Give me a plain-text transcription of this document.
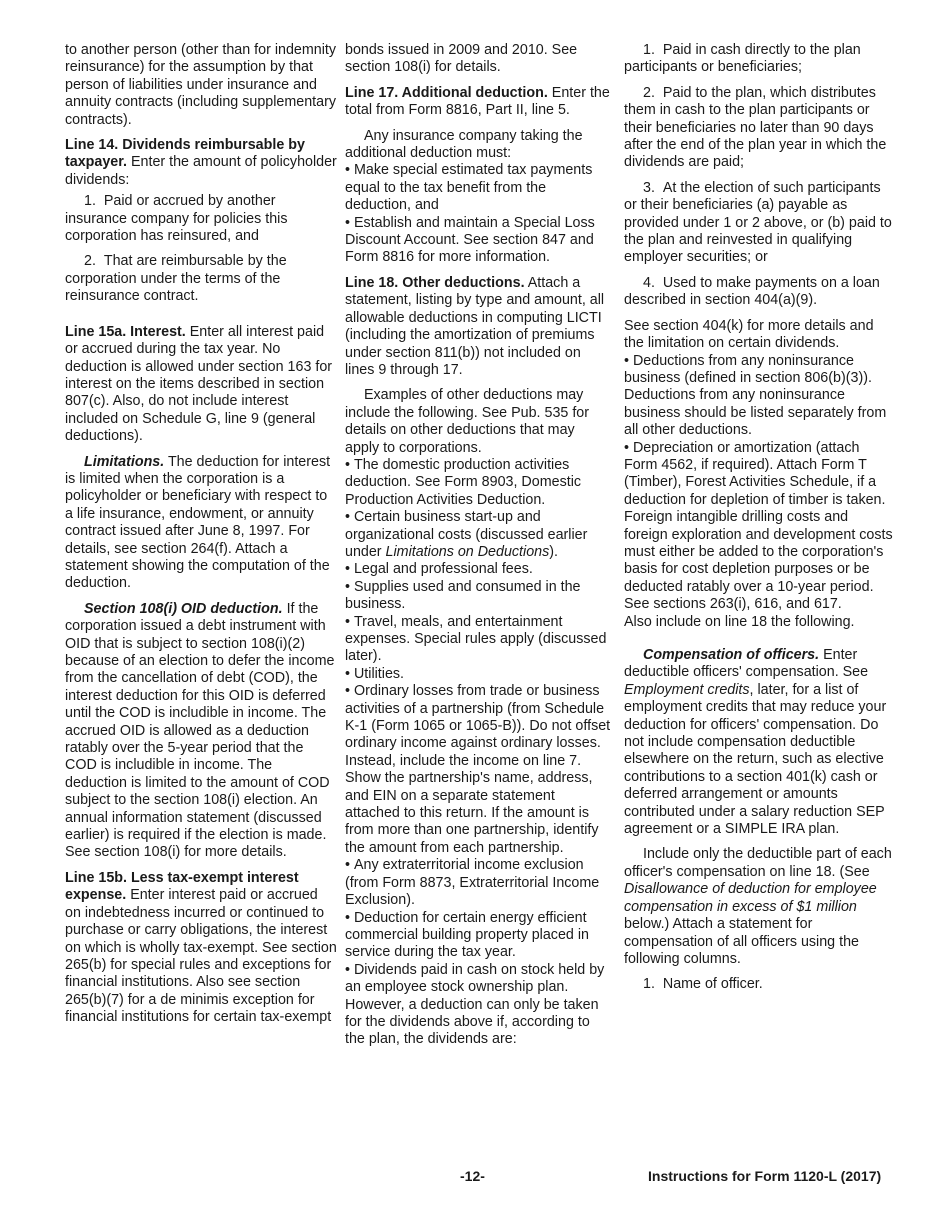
to another person (other than for indemnity reinsurance) for the assumption by that person of liabilities under insurance and annuity contracts (including supplementary contracts).

Line 14. Dividends reimbursable by taxpayer. Enter the amount of policyholder dividends:

1.  Paid or accrued by another insurance company for policies this corporation has reinsured, and

2.  That are reimbursable by the corporation under the terms of the reinsurance contract.

Line 15a. Interest. Enter all interest paid or accrued during the tax year. No deduction is allowed under section 163 for interest on the items described in section 807(c). Also, do not include interest included on Schedule G, line 9 (general deductions).

Limitations. The deduction for interest is limited when the corporation is a policyholder or beneficiary with respect to a life insurance, endowment, or annuity contract issued after June 8, 1997. For details, see section 264(f). Attach a statement showing the computation of the deduction.

Section 108(i) OID deduction. If the corporation issued a debt instrument with OID that is subject to section 108(i)(2) because of an election to defer the income from the cancellation of debt (COD), the interest deduction for this OID is deferred until the COD is includible in income. The accrued OID is allowed as a deduction ratably over the 5-year period that the COD is includible in income. The deduction is limited to the amount of COD subject to the section 108(i) election. An annual information statement (discussed earlier) is required if the election is made. See section 108(i) for more details.

Line 15b. Less tax-exempt interest expense. Enter interest paid or accrued on indebtedness incurred or continued to purchase or carry obligations, the interest on which is wholly tax-exempt. See section 265(b) for special rules and exceptions for financial institutions. Also see section 265(b)(7) for a de minimis exception for financial institutions for certain tax-exempt

bonds issued in 2009 and 2010. See section 108(i) for details.

Line 17. Additional deduction. Enter the total from Form 8816, Part II, line 5.

Any insurance company taking the additional deduction must:

• Make special estimated tax payments equal to the tax benefit from the deduction, and

• Establish and maintain a Special Loss Discount Account. See section 847 and Form 8816 for more information.

Line 18. Other deductions. Attach a statement, listing by type and amount, all allowable deductions in computing LICTI (including the amortization of premiums under section 811(b)) not included on lines 9 through 17.

Examples of other deductions may include the following. See Pub. 535 for details on other deductions that may apply to corporations.

• The domestic production activities deduction. See Form 8903, Domestic Production Activities Deduction.

• Certain business start-up and organizational costs (discussed earlier under Limitations on Deductions).

• Legal and professional fees.

• Supplies used and consumed in the business.

• Travel, meals, and entertainment expenses. Special rules apply (discussed later).

• Utilities.

• Ordinary losses from trade or business activities of a partnership (from Schedule K-1 (Form 1065 or 1065-B)). Do not offset ordinary income against ordinary losses. Instead, include the income on line 7. Show the partnership's name, address, and EIN on a separate statement attached to this return. If the amount is from more than one partnership, identify the amount from each partnership.

• Any extraterritorial income exclusion (from Form 8873, Extraterritorial Income Exclusion).

• Deduction for certain energy efficient commercial building property placed in service during the tax year.

• Dividends paid in cash on stock held by an employee stock ownership plan. However, a deduction can only be taken for the dividends above if, according to the plan, the dividends are:

1.  Paid in cash directly to the plan participants or beneficiaries;

2.  Paid to the plan, which distributes them in cash to the plan participants or their beneficiaries no later than 90 days after the end of the plan year in which the dividends are paid;

3.  At the election of such participants or their beneficiaries (a) payable as provided under 1 or 2 above, or (b) paid to the plan and reinvested in qualifying employer securities; or

4.  Used to make payments on a loan described in section 404(a)(9).

See section 404(k) for more details and the limitation on certain dividends.

• Deductions from any noninsurance business (defined in section 806(b)(3)). Deductions from any noninsurance business should be listed separately from all other deductions.

• Depreciation or amortization (attach Form 4562, if required). Attach Form T (Timber), Forest Activities Schedule, if a deduction for depletion of timber is taken. Foreign intangible drilling costs and foreign exploration and development costs must either be added to the corporation's basis for cost depletion purposes or be deducted ratably over a 10-year period. See sections 263(i), 616, and 617.

Also include on line 18 the following.

Compensation of officers. Enter deductible officers' compensation. See Employment credits, later, for a list of employment credits that may reduce your deduction for officers' compensation. Do not include compensation deductible elsewhere on the return, such as elective contributions to a section 401(k) cash or deferred arrangement or amounts contributed under a salary reduction SEP agreement or a SIMPLE IRA plan.

Include only the deductible part of each officer's compensation on line 18. (See Disallowance of deduction for employee compensation in excess of $1 million below.) Attach a statement for compensation of all officers using the following columns.

1.  Name of officer.

-12-	Instructions for Form 1120-L (2017)
